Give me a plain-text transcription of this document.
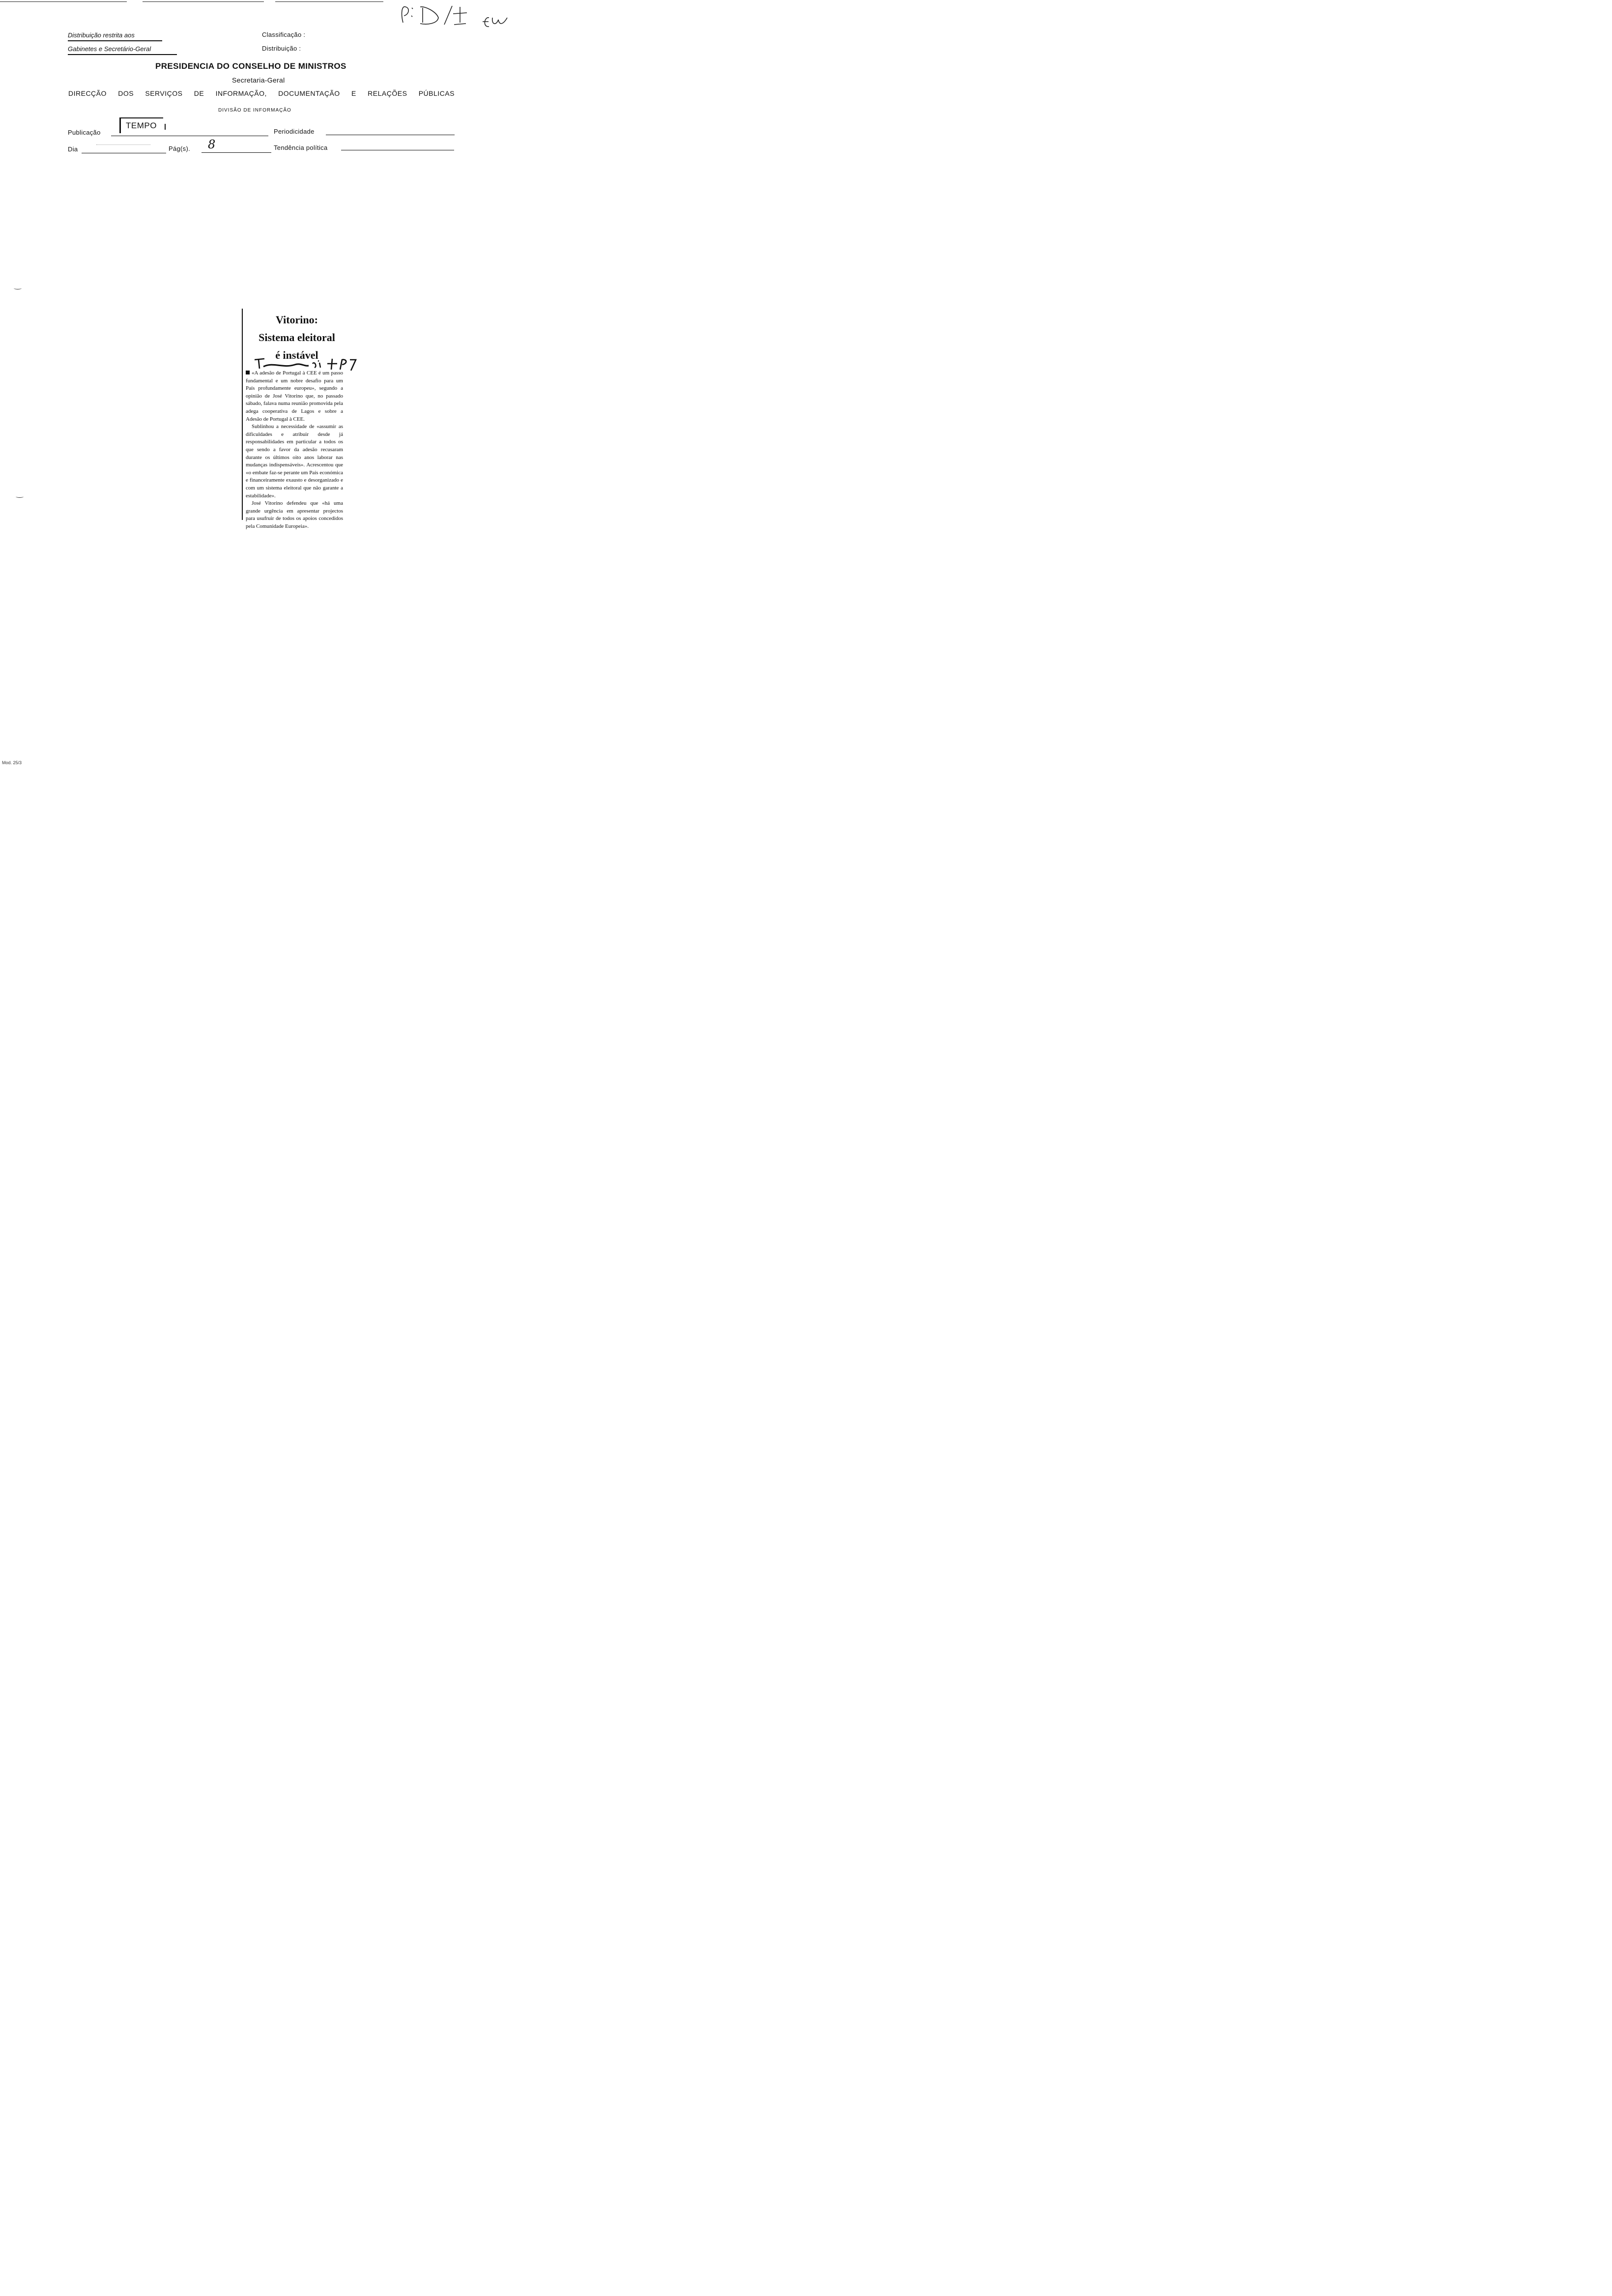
Distribuição restrita aos
Gabinetes e Secretário-Geral
Classificação :
Distribuição :
PRESIDENCIA DO CONSELHO DE MINISTROS
Secretaria-Geral
DIRECÇÃO DOS SERVIÇOS DE INFORMAÇÃO, DOCUMENTAÇÃO E RELAÇÕES PÚBLICAS
DIVISÃO DE INFORMAÇÃO
Publicação
TEMPO
Periodicidade
Dia	Pág(s). 8	Tendência política
Vitorino:
Sistema eleitoral
é instável

«A adesão de Portugal à CEE é um passo fundamental e um nobre desafio para um País profundamente europeu», segundo a opinião de José Vitorino que, no passado sábado, falava numa reunião promovida pela adega cooperativa de Lagos e sobre a Adesão de Portugal à CEE.

Sublinhou a necessidade de «assumir as dificuldades e atribuir desde já responsabilidades em particular a todos os que sendo a favor da adesão recusaram durante os últimos oito anos laborar nas mudanças indispensáveis». Acrescentou que «o embate faz-se perante um País económica e financeiramente exausto e desorganizado e com um sistema eleitoral que não garante a estabilidade».

José Vitorino defendeu que «há uma grande urgência em apresentar projectos para usufruir de todos os apoios concedidos pela Comunidade Europeia».

Mod. 25/3
